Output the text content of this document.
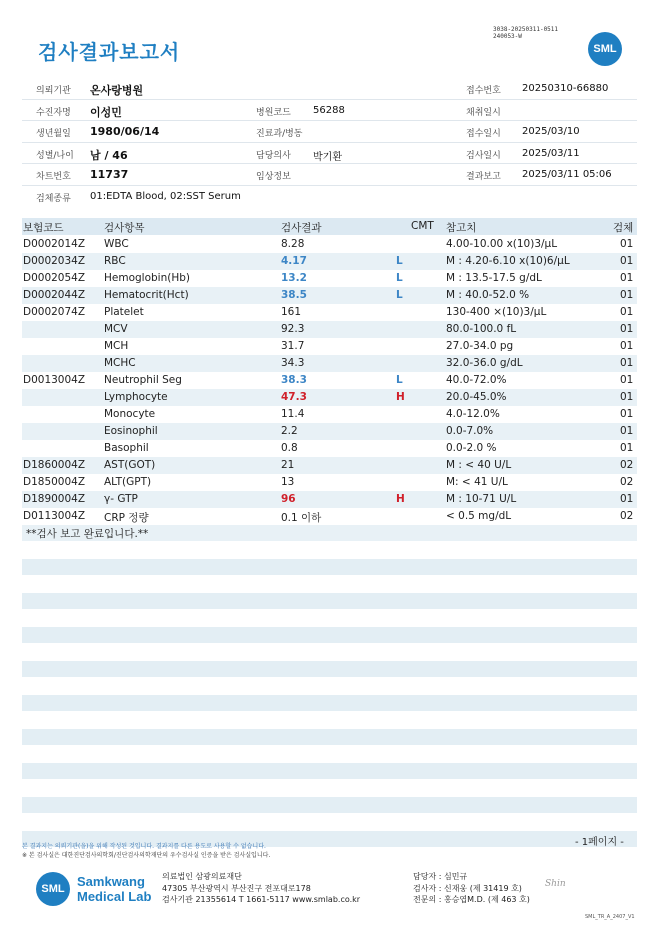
검사결과보고서
3038-20250311-0511
240053-W
SML
의뢰기관 온사랑병원	접수번호 20250310-66880
수진자명 이성민	병원코드 56288	채취일시
생년월일 1980/06/14	진료과/병동	접수일시 2025/03/10
성별/나이 남 / 46	담당의사 박기환	검사일시 2025/03/11
차트번호 11737	임상정보	결과보고 2025/03/11 05:06
검체종류 01:EDTA Blood, 02:SST Serum
보험코드	검사항목	검사결과	CMT 참고치	검체
D0002014Z WBC	8.28	4.00-10.00 x(10)3/μL	01
D0002034Z RBC	4.17	L	M : 4.20-6.10 x(10)6/μL	01
D0002054Z Hemoglobin(Hb)	13.2	L	M : 13.5-17.5 g/dL	01
D0002044Z Hematocrit(Hct)	38.5	L	M : 40.0-52.0 %	01
D0002074Z Platelet	161	130-400 ×(10)3/μL	01
MCV	92.3	80.0-100.0 fL	01
MCH	31.7	27.0-34.0 pg	01
MCHC	34.3	32.0-36.0 g/dL	01
D0013004Z Neutrophil Seg	38.3	L	40.0-72.0%	01
Lymphocyte	47.3	H	20.0-45.0%	01
Monocyte	11.4	4.0-12.0%	01
Eosinophil	2.2	0.0-7.0%	01
Basophil	0.8	0.0-2.0 %	01
D1860004Z AST(GOT)	21	M : < 40 U/L	02
D1850004Z ALT(GPT)	13	M: < 41 U/L	02
D1890004Z γ- GTP	96	H	M : 10-71 U/L	01
D0113004Z CRP 정량	0.1 이하	< 0.5 mg/dL	02
**검사 보고 완료입니다.**
- 1페이지 -
본 결과지는 의뢰기관(을)을 위해 작성된 것입니다. 결과지를 다른 용도로 사용할 수 없습니다.
※ 본 검사실은 대한진단검사의학회/진단검사의학재단의 우수검사실 인증을 받은 검사실입니다.
SML Samkwang
Medical Lab
의료법인 삼광의료재단
47305 부산광역시 부산진구 전포대로178
검사기관 21355614 T 1661-5117 www.smlab.co.kr
담당자 : 심민규
검사자 : 신재웅 (제 31419 호)
전문의 : 홍승엽M.D. (제 463 호)
Shin
SML_TR_A_2407_V1
